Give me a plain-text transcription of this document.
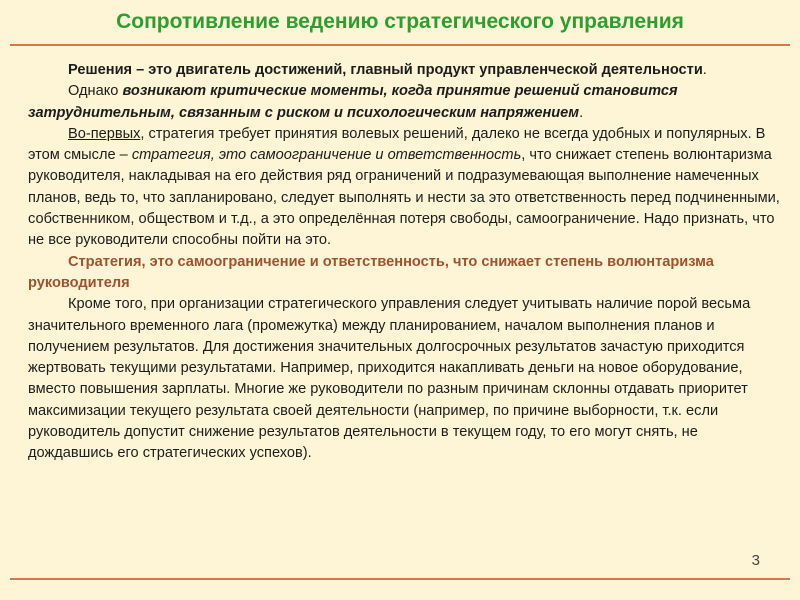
Сопротивление ведению стратегического управления

Решения – это двигатель достижений, главный продукт управленческой деятельности.

Однако возникают критические моменты, когда принятие решений становится затруднительным, связанным с риском и психологическим напряжением.

Во-первых, стратегия требует принятия волевых решений, далеко не всегда удобных и популярных. В этом смысле – стратегия, это самоограничение и ответственность, что снижает степень волюнтаризма руководителя, накладывая на его действия ряд ограничений и подразумевающая выполнение намеченных планов, ведь то, что запланировано, следует выполнять и нести за это ответственность перед подчиненными, собственником, обществом и т.д., а это определённая потеря свободы, самоограничение. Надо признать, что не все руководители способны пойти на это.

Стратегия, это самоограничение и ответственность, что снижает степень волюнтаризма руководителя

Кроме того, при организации стратегического управления следует учитывать наличие порой весьма значительного временного лага (промежутка) между планированием, началом выполнения планов и получением результатов. Для достижения значительных долгосрочных результатов зачастую приходится жертвовать текущими результатами. Например, приходится накапливать деньги на новое оборудование, вместо повышения зарплаты. Многие же руководители по разным причинам склонны отдавать приоритет максимизации текущего результата своей деятельности (например, по причине выборности, т.к. если руководитель допустит снижение результатов деятельности в текущем году, то его могут снять, не дождавшись его стратегических успехов).

3
